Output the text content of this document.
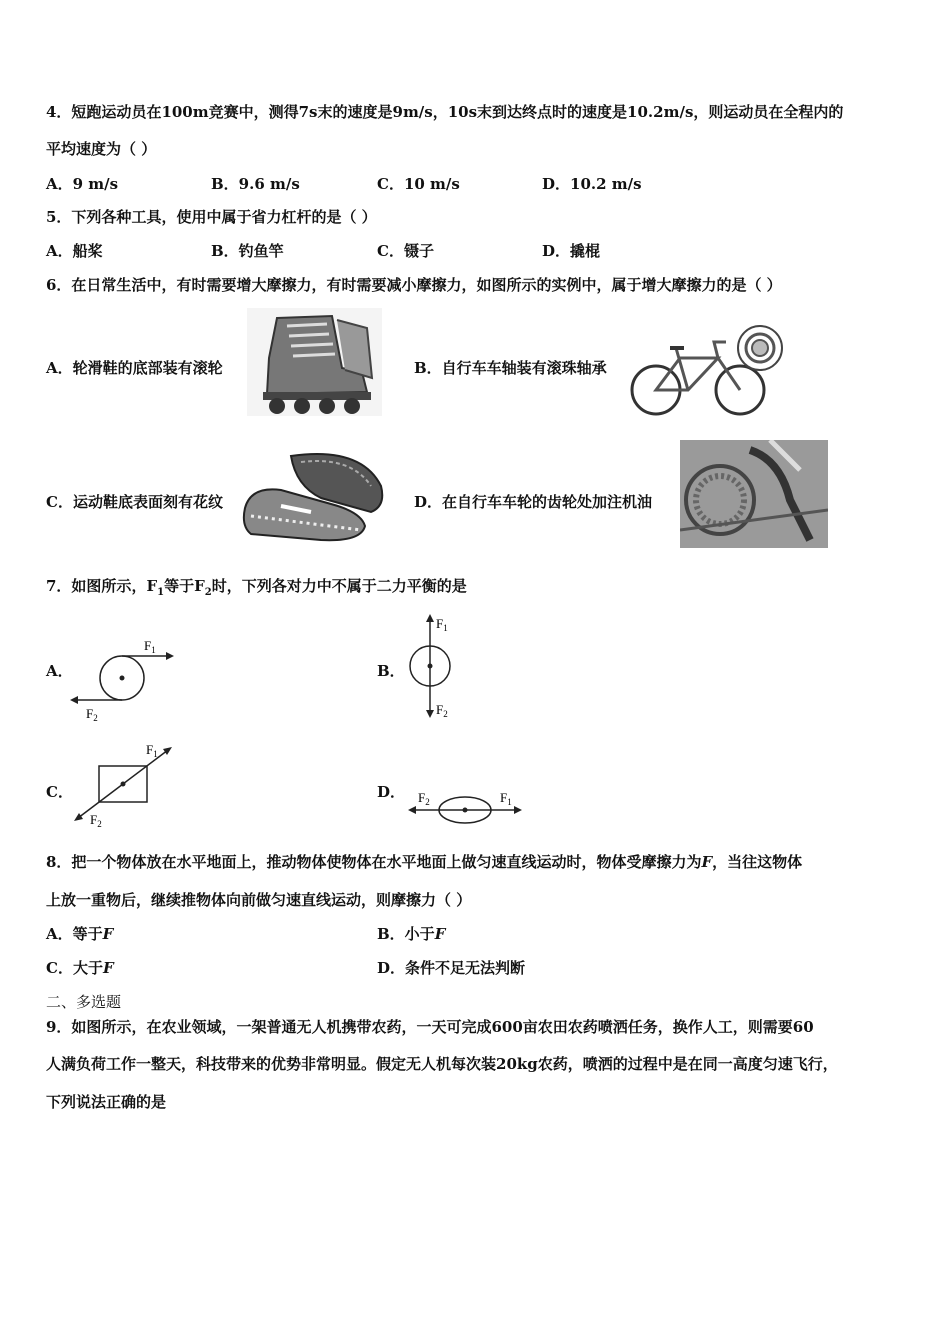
4．短跑运动员在100m竞赛中，测得7s末的速度是9m/s，10s末到达终点时的速度是10.2m/s，则运动员在全程内的
平均速度为（ ）
A．9 m/s	B．9.6 m/s	C．10 m/s	D．10.2 m/s
5．下列各种工具，使用中属于省力杠杆的是（ ）
A．船桨	B．钓鱼竿	C．镊子	D．撬棍
6．在日常生活中，有时需要增大摩擦力，有时需要减小摩擦力，如图所示的实例中，属于增大摩擦力的是（ ）
A．轮滑鞋的底部装有滚轮	B．自行车车轴装有滚珠轴承
C．运动鞋底表面刻有花纹	D．在自行车车轮的齿轮处加注机油
7．如图所示，$F_1$等于$F_2$时，下列各对力中不属于二力平衡的是
A．
$F_1$
$F_2$
B．
$F_1$
$F_2$
C．
$F_1$
$F_2$
D．	$F_1$
$F_2$
8．把一个物体放在水平地面上，推动物体使物体在水平地面上做匀速直线运动时，物体受摩擦力为F，当往这物体
上放一重物后，继续推物体向前做匀速直线运动，则摩擦力（ ）
A．等于F	B．小于F
C．大于F	D．条件不足无法判断
二、多选题
9．如图所示，在农业领域，一架普通无人机携带农药，一天可完成600亩农田农药喷洒任务，换作人工，则需要60
人满负荷工作一整天，科技带来的优势非常明显。假定无人机每次装20kg农药，喷洒的过程中是在同一高度匀速飞行，
下列说法正确的是
